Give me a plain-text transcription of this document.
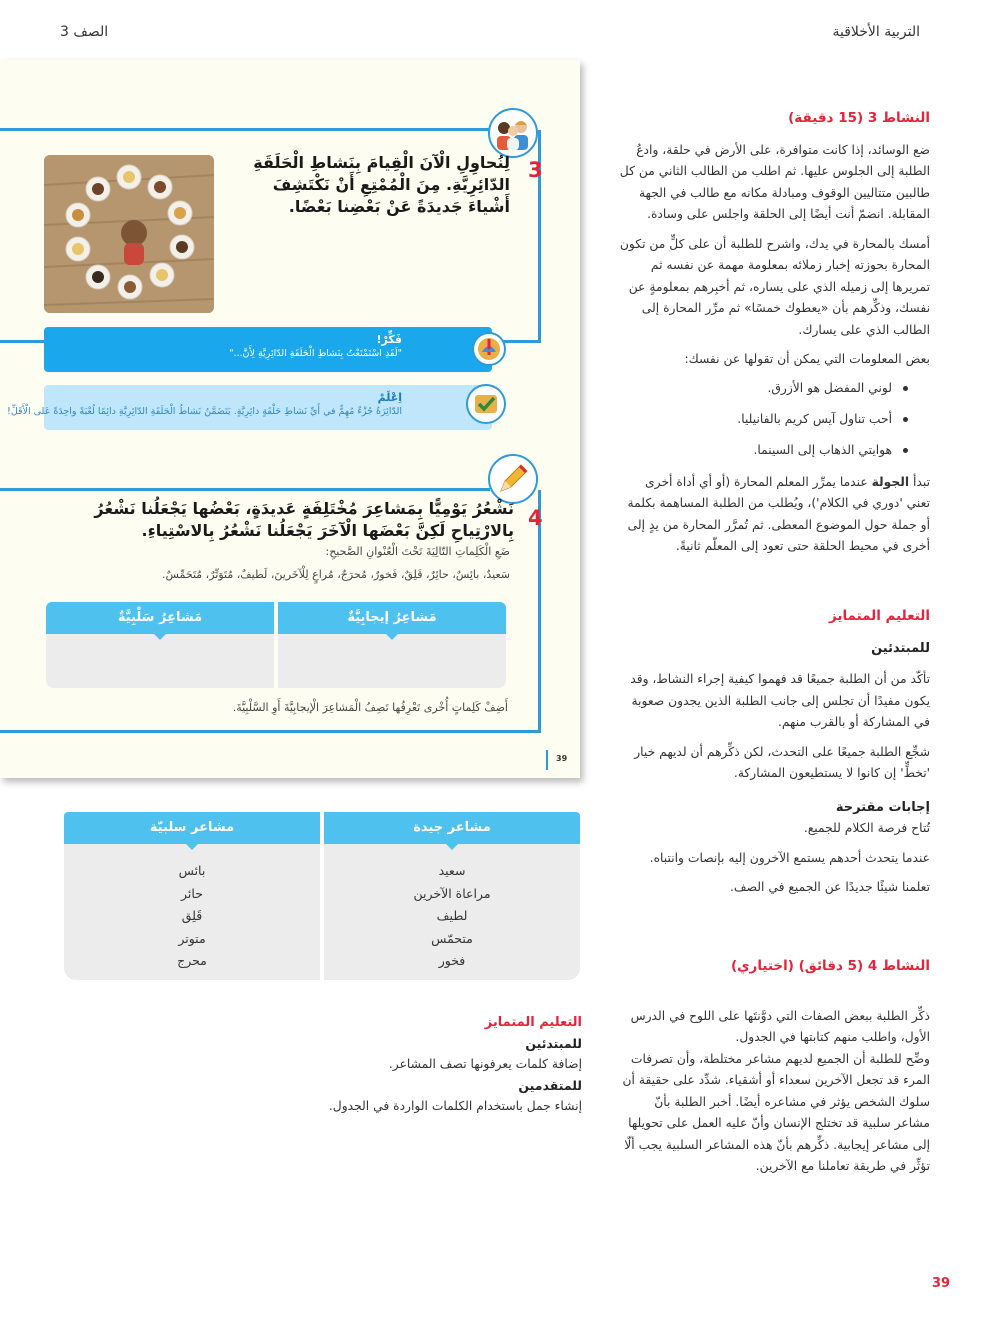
التربية الأخلاقية
الصف 3
النشاط 3 (15 دقيقة)

ضع الوسائد، إذا كانت متوافرة، على الأرض في حلقة، وادعُ الطلبة إلى الجلوس عليها. ثم اطلب من الطالب الثاني من كل طالبين متتاليين الوقوف ومبادلة مكانه مع طالب في الجهة المقابلة. انضمّ أنت أيضًا إلى الحلقة واجلس على وسادة.

أمسك بالمحارة في يدك، واشرح للطلبة أن على كلٍّ من تكون المحارة بحوزته إخبار زملائه بمعلومة مهمة عن نفسه ثم تمريرها إلى زميله الذي على يساره، ثم أخبِرهم بمعلومةٍ عن نفسك، وذكِّرهم بأن «يعطوك خمسًا» ثم مرِّر المحارة إلى الطالب الذي على يسارك.

بعض المعلومات التي يمكن أن تقولها عن نفسك:

لوني المفضل هو الأزرق.
أحب تناول آيس كريم بالفانيليا.
هوايتي الذهاب إلى السينما.

تبدأ الجولة عندما يمرِّر المعلم المحارة (أو أي أداة أخرى تعني 'دوري في الكلام')، ويُطلب من الطلبة المساهمة بكلمة أو جملة حول الموضوع المعطى. ثم تُمرَّر المحارة من يدٍ إلى أخرى في محيط الحلقة حتى تعود إلى المعلّم ثانيةً.

التعليم المتمايز
للمبتدئين

تأكّد من أن الطلبة جميعًا قد فهموا كيفية إجراء النشاط، وقد يكون مفيدًا أن تجلس إلى جانب الطلبة الذين يجدون صعوبة في المشاركة أو بالقرب منهم.

شجِّع الطلبة جميعًا على التحدث، لكن ذكِّرهم أن لديهم خيار 'تخطٍّ' إن كانوا لا يستطيعون المشاركة.

إجابات مقترحة

تُتاح فرصة الكلام للجميع.

عندما يتحدث أحدهم يستمع الآخرون إليه بإنصات وانتباه.

تعلمنا شيئًا جديدًا عن الجميع في الصف.

النشاط 4 (5 دقائق) (اختياري)

ذكِّر الطلبة ببعض الصفات التي دوَّنتَها على اللوح في الدرس الأول، واطلب منهم كتابتها في الجدول.

وضِّح للطلبة أن الجميع لديهم مشاعر مختلطة، وأن تصرفات المرء قد تجعل الآخرين سعداء أو أشقياء. شدِّد على حقيقة أن سلوك الشخص يؤثر في مشاعره أيضًا. أخبر الطلبة بأنّ مشاعر سلبية قد تختلج الإنسان وأنّ عليه العمل على تحويلها إلى مشاعر إيجابية. ذكِّرهم بأنّ هذه المشاعر السلبية يجب ألّا تؤثِّر في طريقة تعاملنا مع الآخرين.

3
لِنُحاوِلِ الْآنَ الْقِيامَ بِنَشاطِ الْحَلَقَةِ الدّائِرِيَّةِ. مِنَ الْمُمْتِعِ أَنْ نَكْتَشِفَ أَشْياءَ جَديدَةً عَنْ بَعْضِنا بَعْضًا.
فَكِّرْ!
"لَقَدِ اسْتَمْتَعْتُ بِنَشاطِ الْحَلَقَةِ الدّائِرِيَّةِ لِأَنَّ..."
اِعْلَمْ
الدّائِرَةُ جُزْءٌ مُهِمٌّ في أَيِّ نَشاطِ حَلْقَةٍ دائِرِيَّةٍ. يَتَضَمَّنُ نَشاطُ الْحَلَقَةِ الدّائِرِيَّةِ دائِمًا لُعْبَةً واحِدَةً عَلى الْأَقَلِّ!
4
نَشْعُرُ يَوْمِيًّا بِمَشاعِرَ مُخْتَلِفَةٍ عَديدَةٍ، بَعْضُها يَجْعَلُنا نَشْعُرُ بِالارْتِياحِ لَكِنَّ بَعْضَها الْآخَرَ يَجْعَلُنا نَشْعُرُ بِالاسْتِياءِ.
ضَعِ الْكَلِماتِ التّالِيَةَ تَحْتَ الْعُنْوانِ الصَّحيحِ:
سَعيدٌ، بائِسٌ، حائِرٌ، قَلِقٌ، فَخورٌ، مُحرَجٌ، مُراعٍ لِلْآخَرينَ، لَطيفٌ، مُتَوَتِّرٌ، مُتَحَمِّسٌ.
مَشاعِرُ سَلْبِيَّةٌ	مَشاعِرُ إيجابِيَّةٌ
أَضِفْ كَلِماتٍ أُخْرى تَعْرِفُها تَصِفُ الْمَشاعِرَ الْإيجابِيَّةَ أَوِ السَّلْبِيَّةَ.
39
مشاعر سلبيّة	مشاعر جيدة
بائس
حائر
قَلِق
متوتر
محرج
سعيد
مراعاة الآخرين
لطيف
متحمّس
فخور
التعليم المتمايز
للمبتدئين
إضافة كلمات يعرفونها تصف المشاعر.
للمتقدمين
إنشاء جمل باستخدام الكلمات الواردة في الجدول.
39
